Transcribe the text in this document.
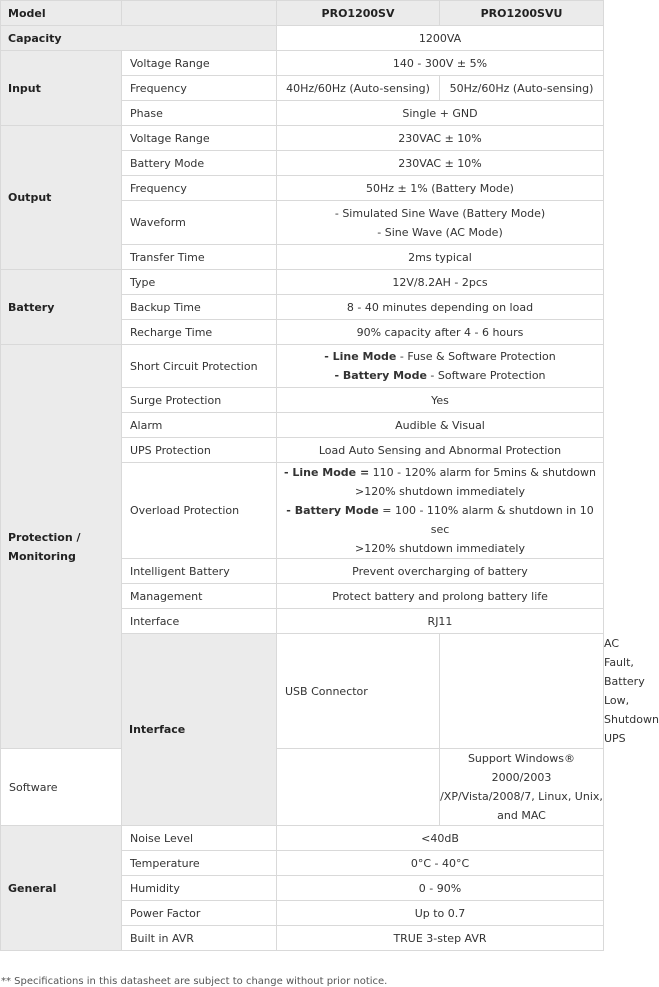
Model		PRO1200SV	PRO1200SVU	
Capacity		1200VA		
Input	Voltage Range	140 - 300V ± 5%		
	Frequency	40Hz/60Hz (Auto-sensing)	50Hz/60Hz (Auto-sensing)	
	Phase	Single + GND		
Output	Voltage Range	230VAC ± 10%		
	Battery Mode	230VAC ± 10%		
	Frequency	50Hz ± 1% (Battery Mode)		
	Waveform	- Simulated Sine Wave (Battery Mode)
- Sine Wave (AC Mode)		

	Transfer Time	2ms typical		
Battery	Type	12V/8.2AH - 2pcs		
	Backup Time	8 - 40 minutes depending on load		
	Recharge Time	90% capacity after 4 - 6 hours		
Protection / Monitoring	Short Circuit Protection	- Line Mode - Fuse & Software Protection
- Battery Mode - Software Protection		

	Surge Protection	Yes		
	Alarm	Audible & Visual		
	UPS Protection	Load Auto Sensing and Abnormal Protection		
	Overload Protection	- Line Mode = 110 - 120% alarm for 5mins & shutdown
>120% shutdown immediately
- Battery Mode = 100 - 110% alarm & shutdown in 10 sec
>120% shutdown immediately		

	Intelligent Battery	Prevent overcharging of battery		
	Management	Protect battery and prolong battery life		
	Interface	RJ11		
	Interface	USB Connector		AC Fault, Battery Low,
Shutdown UPS

Software			Support Windows® 2000/2003
/XP/Vista/2008/7, Linux, Unix,
and MAC	

General	Noise Level	<40dB		
	Temperature	0°C - 40°C		
	Humidity	0 - 90%		
	Power Factor	Up to 0.7		
	Built in AVR	TRUE 3-step AVR		
** Specifications in this datasheet are subject to change without prior notice.
